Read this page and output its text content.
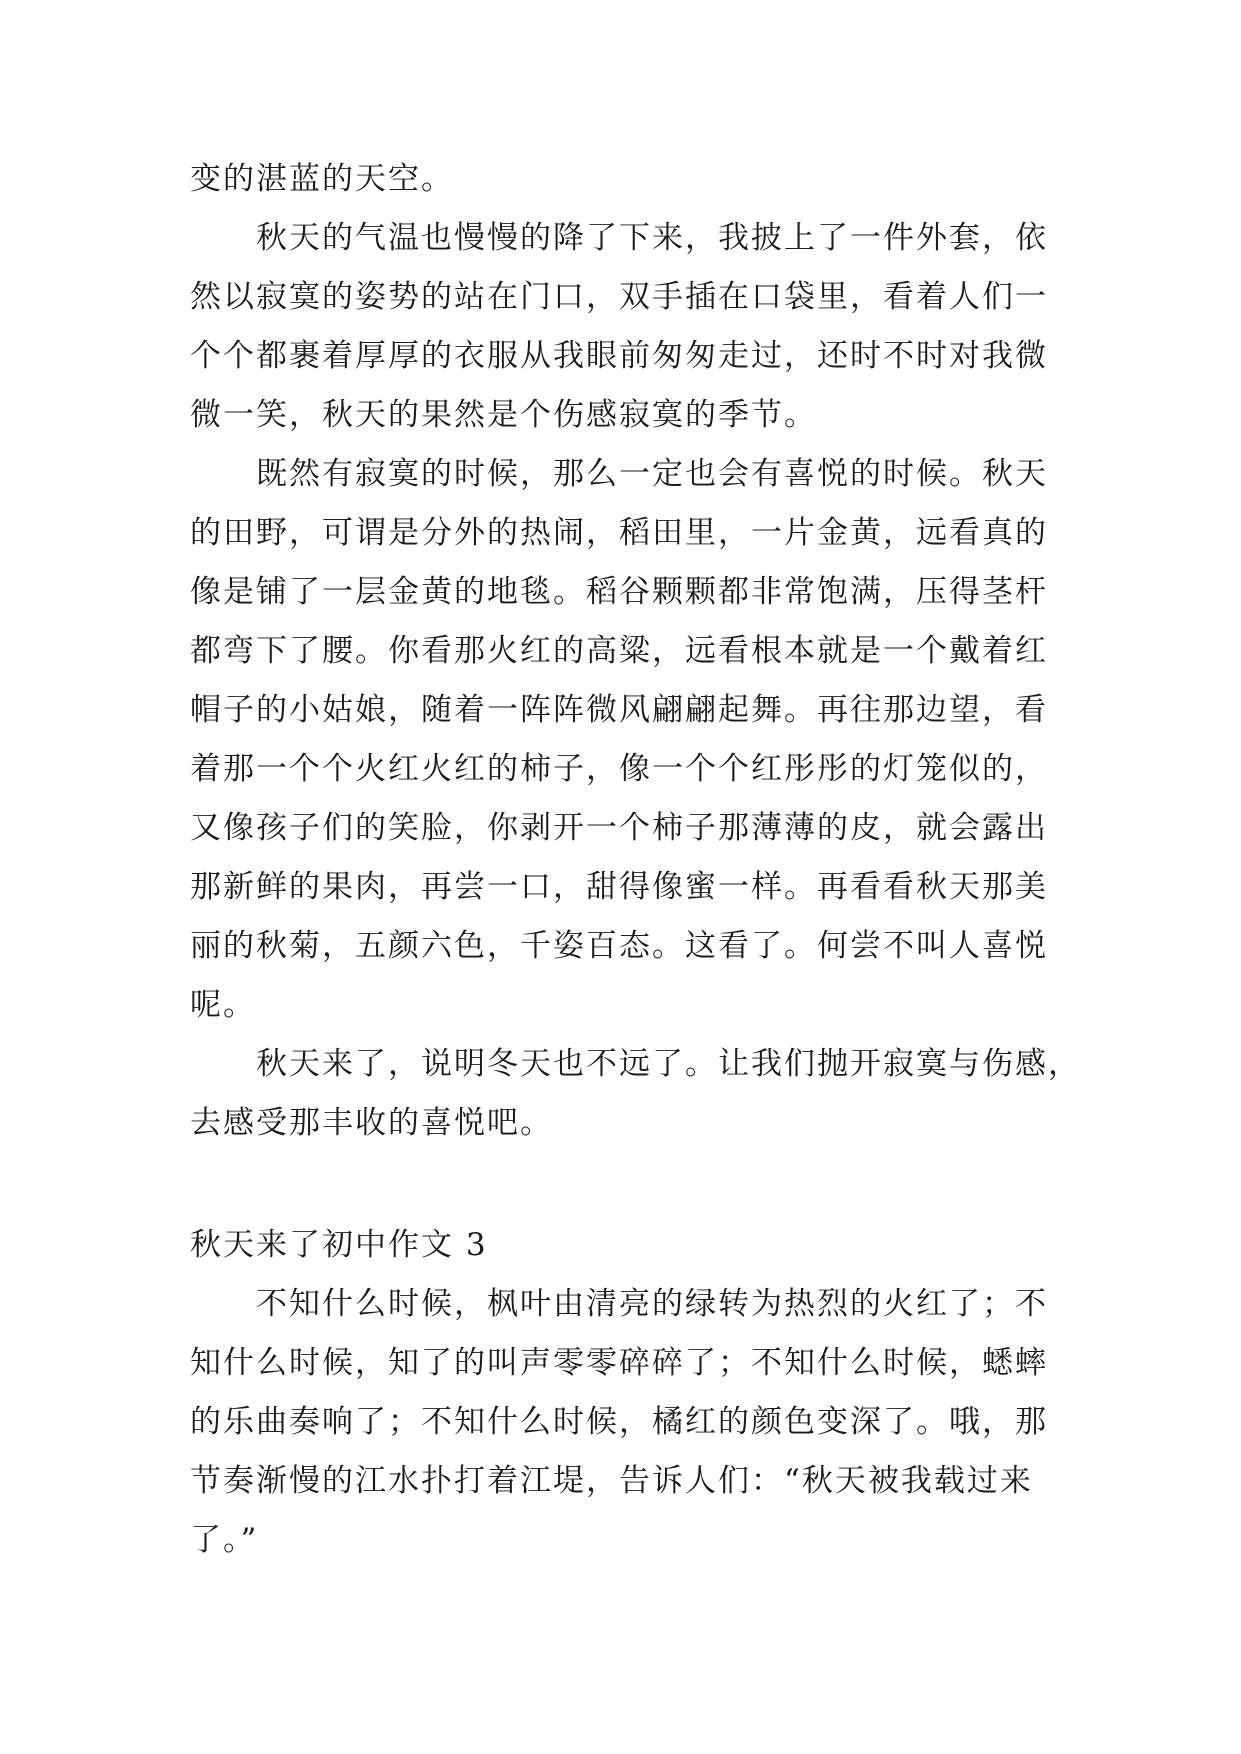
变的湛蓝的天空。
秋天的气温也慢慢的降了下来，我披上了一件外套，依
然以寂寞的姿势的站在门口，双手插在口袋里，看着人们一
个个都裹着厚厚的衣服从我眼前匆匆走过，还时不时对我微
微一笑，秋天的果然是个伤感寂寞的季节。
既然有寂寞的时候，那么一定也会有喜悦的时候。秋天
的田野，可谓是分外的热闹，稻田里，一片金黄，远看真的
像是铺了一层金黄的地毯。稻谷颗颗都非常饱满，压得茎杆
都弯下了腰。你看那火红的高粱，远看根本就是一个戴着红
帽子的小姑娘，随着一阵阵微风翩翩起舞。再往那边望，看
着那一个个火红火红的柿子，像一个个红彤彤的灯笼似的，
又像孩子们的笑脸，你剥开一个柿子那薄薄的皮，就会露出
那新鲜的果肉，再尝一口，甜得像蜜一样。再看看秋天那美
丽的秋菊，五颜六色，千姿百态。这看了。何尝不叫人喜悦
呢。
秋天来了，说明冬天也不远了。让我们抛开寂寞与伤感，
去感受那丰收的喜悦吧。
秋天来了初中作文 3
不知什么时候，枫叶由清亮的绿转为热烈的火红了；不
知什么时候，知了的叫声零零碎碎了；不知什么时候，蟋蟀
的乐曲奏响了；不知什么时候，橘红的颜色变深了。哦，那
节奏渐慢的江水扑打着江堤，告诉人们：“秋天被我载过来
了。”
